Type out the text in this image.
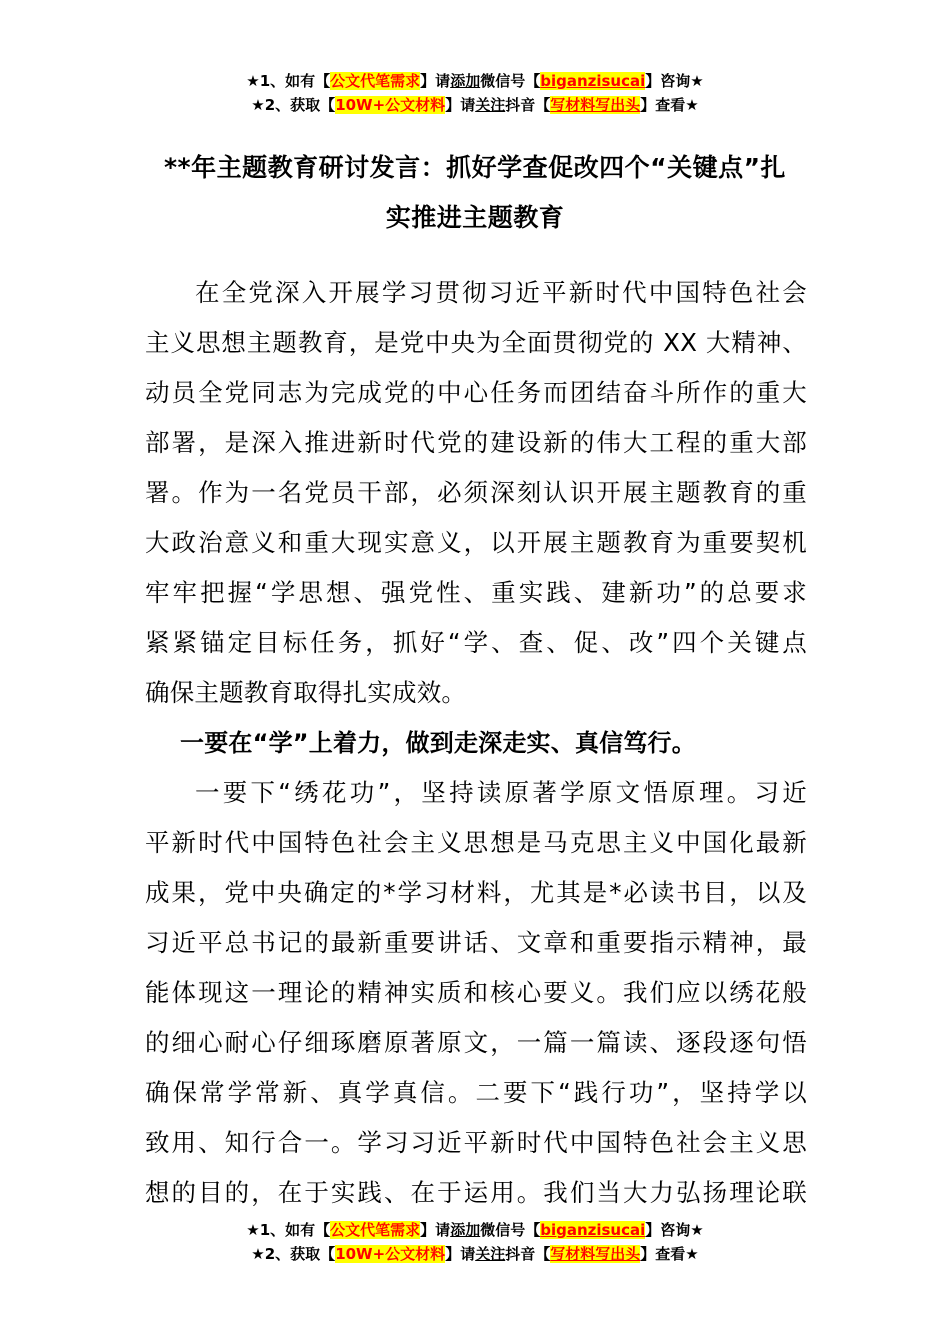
★1、如有【公文代笔需求】请添加微信号【biganzisucai】咨询★
★2、获取【10W+公文材料】请关注抖音【写材料写出头】查看★
**年主题教育研讨发言：抓好学查促改四个“关键点”扎
实推进主题教育
在全党深入开展学习贯彻习近平新时代中国特色社会
主义思想主题教育，是党中央为全面贯彻党的 XX 大精神、
动员全党同志为完成党的中心任务而团结奋斗所作的重大
部署，是深入推进新时代党的建设新的伟大工程的重大部
署。作为一名党员干部，必须深刻认识开展主题教育的重
大政治意义和重大现实意义，以开展主题教育为重要契机
牢牢把握“学思想、强党性、重实践、建新功”的总要求
紧紧锚定目标任务，抓好“学、查、促、改”四个关键点
确保主题教育取得扎实成效。
一要在“学”上着力，做到走深走实、真信笃行。
一要下“绣花功”，坚持读原著学原文悟原理。习近
平新时代中国特色社会主义思想是马克思主义中国化最新
成果，党中央确定的*学习材料，尤其是*必读书目，以及
习近平总书记的最新重要讲话、文章和重要指示精神，最
能体现这一理论的精神实质和核心要义。我们应以绣花般
的细心耐心仔细琢磨原著原文，一篇一篇读、逐段逐句悟
确保常学常新、真学真信。二要下“践行功”，坚持学以
致用、知行合一。学习习近平新时代中国特色社会主义思
想的目的，在于实践、在于运用。我们当大力弘扬理论联
★1、如有【公文代笔需求】请添加微信号【biganzisucai】咨询★
★2、获取【10W+公文材料】请关注抖音【写材料写出头】查看★
